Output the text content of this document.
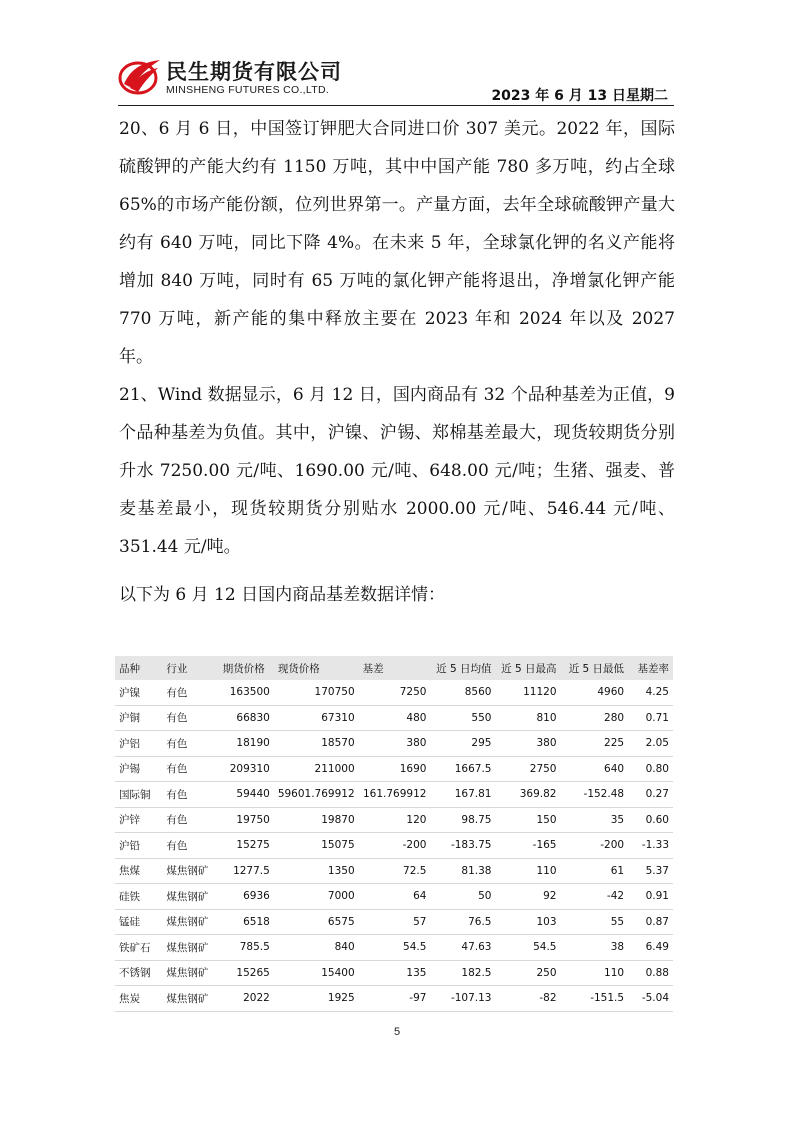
民生期货有限公司
MINSHENG FUTURES CO.,LTD.	2023 年 6 月 13 日星期二

20、6 月 6 日，中国签订钾肥大合同进口价 307 美元。2022 年，国际硫酸钾的产能大约有 1150 万吨，其中中国产能 780 多万吨，约占全球 65%的市场产能份额，位列世界第一。产量方面，去年全球硫酸钾产量大约有 640 万吨，同比下降 4%。在未来 5 年，全球氯化钾的名义产能将增加 840 万吨，同时有 65 万吨的氯化钾产能将退出，净增氯化钾产能 770 万吨，新产能的集中释放主要在 2023 年和 2024 年以及 2027 年。

21、Wind 数据显示，6 月 12 日，国内商品有 32 个品种基差为正值，9 个品种基差为负值。其中，沪镍、沪锡、郑棉基差最大，现货较期货分别升水 7250.00 元/吨、1690.00 元/吨、648.00 元/吨；生猪、强麦、普麦基差最小，现货较期货分别贴水 2000.00 元/吨、546.44 元/吨、351.44 元/吨。

以下为 6 月 12 日国内商品基差数据详情：

品种	行业	期货价格	现货价格	基差	近 5 日均值	近 5 日最高	近 5 日最低	基差率
沪镍	有色	163500	170750	7250	8560	11120	4960	4.25
沪铜	有色	66830	67310	480	550	810	280	0.71
沪铝	有色	18190	18570	380	295	380	225	2.05
沪锡	有色	209310	211000	1690	1667.5	2750	640	0.80
国际铜	有色	59440	59601.769912	161.769912	167.81	369.82	-152.48	0.27
沪锌	有色	19750	19870	120	98.75	150	35	0.60
沪铅	有色	15275	15075	-200	-183.75	-165	-200	-1.33
焦煤	煤焦钢矿	1277.5	1350	72.5	81.38	110	61	5.37
硅铁	煤焦钢矿	6936	7000	64	50	92	-42	0.91
锰硅	煤焦钢矿	6518	6575	57	76.5	103	55	0.87
铁矿石	煤焦钢矿	785.5	840	54.5	47.63	54.5	38	6.49
不锈钢	煤焦钢矿	15265	15400	135	182.5	250	110	0.88
焦炭	煤焦钢矿	2022	1925	-97	-107.13	-82	-151.5	-5.04
5
